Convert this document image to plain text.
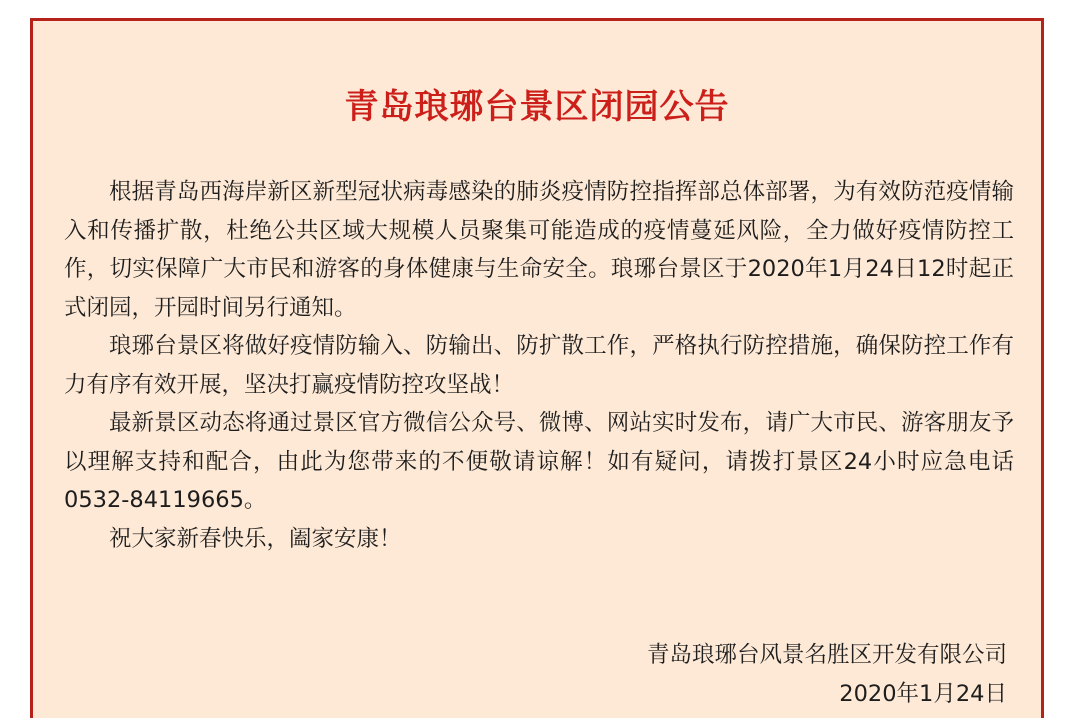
青岛琅琊台景区闭园公告

根据青岛西海岸新区新型冠状病毒感染的肺炎疫情防控指挥部总体部署，为有效防范疫情输入和传播扩散，杜绝公共区域大规模人员聚集可能造成的疫情蔓延风险，全力做好疫情防控工作，切实保障广大市民和游客的身体健康与生命安全。琅琊台景区于2020年1月24日12时起正式闭园，开园时间另行通知。

琅琊台景区将做好疫情防输入、防输出、防扩散工作，严格执行防控措施，确保防控工作有力有序有效开展，坚决打赢疫情防控攻坚战！

最新景区动态将通过景区官方微信公众号、微博、网站实时发布，请广大市民、游客朋友予以理解支持和配合，由此为您带来的不便敬请谅解！如有疑问，请拨打景区24小时应急电话0532-84119665。

祝大家新春快乐，阖家安康！

青岛琅琊台风景名胜区开发有限公司
2020年1月24日
